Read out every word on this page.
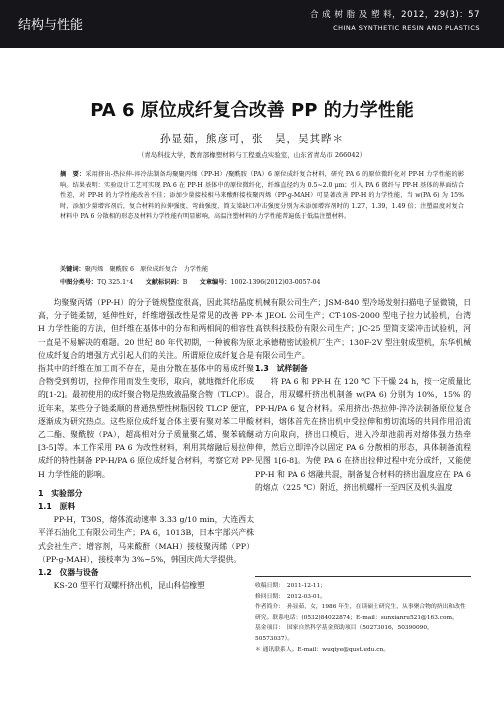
结构与性能
合 成 树 脂 及 塑 料，2012，29(3)：57
CHINA SYNTHETIC RESIN AND PLASTICS
PA 6 原位成纤复合改善 PP 的力学性能
孙显茹，熊彦可，张　昊，吴其晔＊
（青岛科技大学，教育部橡塑材料与工程重点实验室，山东省青岛市 266042）
摘　要：采用挤出-热拉伸-淬冷法制备均聚聚丙烯（PP-H）/聚酰胺（PA）6 原位成纤复合材料，研究 PA 6 的原位微纤化对 PP-H 力学性能的影响。结果表明：实验设计工艺可实现 PA 6 在 PP-H 基体中的原位微纤化，纤维直径约为 0.5~2.0 μm；引入 PA 6 微纤与 PP-H 基体的界面结合性差，对 PP-H 的力学性能改善不佳；添加少量接枝相马来酸酐接枝聚丙烯（PP-g-MAH）可显著改善 PP-H 的力学性能，当 w(PA 6) 为 15% 时，添加少量增容剂后，复合材料的拉伸强度、弯曲强度、简支梁缺口冲击强度分别为未添加增容剂时的 1.27，1.39，1.49 倍；注塑温度对复合材料中 PA 6 分散相的形态及材料力学性能有明显影响，高温注塑材料的力学性能普遍低于低温注塑材料。
关键词：聚丙烯　聚酰胺 6　原位成纤复合　力学性能
中图分类号：TQ 325.1⁺4　　 文献标识码：B　　 文章编号：1002-1396(2012)03-0057-04

均聚聚丙烯（PP-H）的分子链规整度很高，因此其结晶度高，分子链柔韧，延伸性好，纤维增强改性是常见的改善 PP-H 力学性能的方法，但纤维在基体中的分布和两相间的相容性一直是不易解决的难题。20 世纪 80 年代初期，一种被称为原位成纤复合的增强方式引起人们的关注。所谓原位成纤复合是指其中的纤维在加工而不存在，是由分散在基体中的易成纤聚合物受到剪切，拉伸作用而发生变形，取向，就地微纤化形成的[1-2]。最初使用的成纤聚合物是热致液晶聚合物（TLCP）。近年来，某些分子链柔顺的普通热塑性树脂因较 TLCP 便宜，逐渐成为研究热点。这些原位成纤复合体主要有聚对苯二甲酸乙二酯、聚酰胺（PA），超高相对分子质量聚乙烯、聚苯硫醚[3-5]等。本工作采用 PA 6 为改性材料，利用其熔融后易拉伸成纤的特性制备 PP-H/PA 6 原位成纤复合材料，考察它对 PP-H 力学性能的影响。

1　实验部分
1.1　原料

PP-H，T30S，熔体流动速率 3.33 g/10 min，大连西太平洋石油化工有限公司生产；PA 6，1013B，日本宇部兴产株式会社生产；增容剂，马来酸酐（MAH）接枝聚丙烯（PP）（PP-g-MAH），接枝率为 3%~5%，韩国庆尚大学提供。

1.2　仪器与设备

KS-20 型平行双螺杆挤出机，昆山科信橡塑

机械有限公司生产；JSM-840 型冷场发射扫描电子显微镜，日本 JEOL 公司生产；CT-10S-2000 型电子拉力试验机，台湾高铁科技股份有限公司生产；JC-25 型简支梁冲击试验机，河北承德精密试验机厂生产；130F-2V 型注射成型机，东华机械有限公司生产。

1.3　试样制备

将 PA 6 和 PP-H 在 120 ℃ 下干燥 24 h，按一定质量比混合，用双螺杆挤出机制备 w(PA 6) 分别为 10%，15% 的 PP-H/PA 6 复合材料。采用挤出-热拉伸-淬冷法制备原位复合材料，熔体首先在挤出机中受拉伸和剪切流场的共同作用沿流动方向取向，挤出口模后，进入冷却池前再对熔体强力热牵伸，然后立即淬冷以固定 PA 6 分散相的形态，具体制备流程见图 1[6-8]。为使 PA 6 在挤出拉伸过程中充分成纤，又能使 PP-H 和 PA 6 熔融共混，制备复合材料的挤出温度应在 PA 6 的熔点（225 ℃）附近，挤出机螺杆一至四区及机头温度

收稿日期：　2011-12-11；
修回日期：　2012-03-01。
作者简介：　孙显茹，女，1986 年生，在读硕士研究生，从事聚合物的挤出和改性研究。联系电话：(0532)84022874；E-mail：sunxianru521@163.com。
基金项目：　国家自然科学基金资助项目（50273016，50390090，50573037）。
＊ 通讯联系人。E-mail：wuqiye@qust.edu.cn。
